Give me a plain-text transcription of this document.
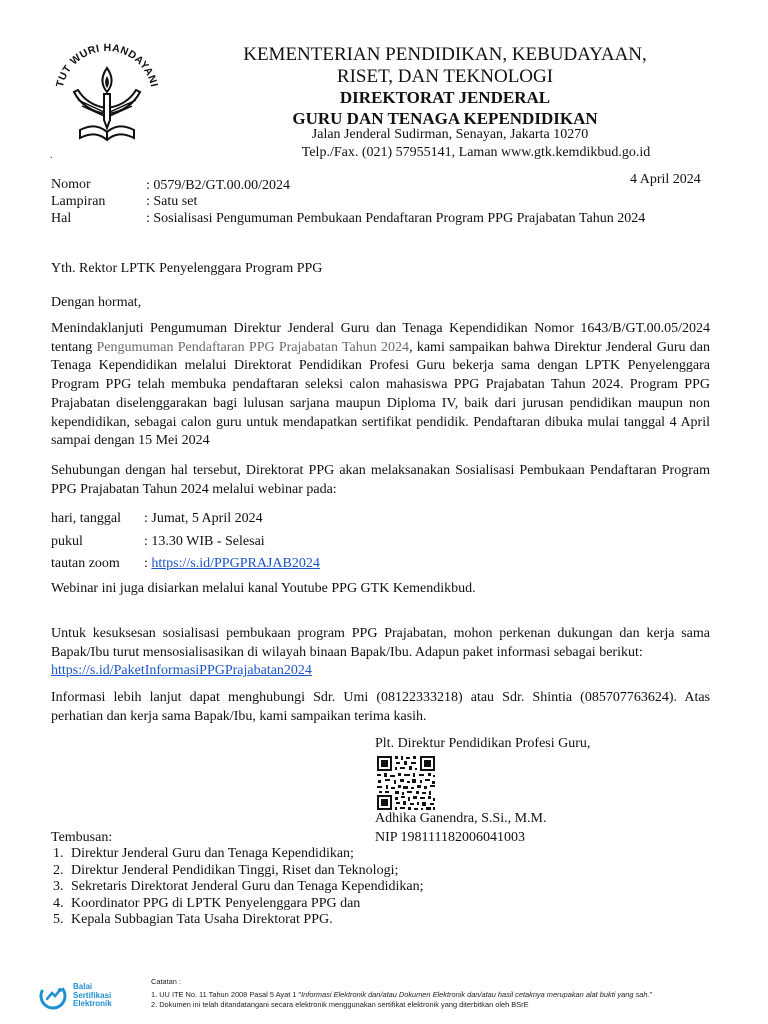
TUT WURI HANDAYANI
KEMENTERIAN PENDIDIKAN, KEBUDAYAAN,
RISET, DAN TEKNOLOGI
DIREKTORAT JENDERAL
GURU DAN TENAGA KEPENDIDIKAN
Jalan Jenderal Sudirman, Senayan, Jakarta 10270
Telp./Fax. (021) 57955141, Laman www.gtk.kemdikbud.go.id
.
4 April 2024
Nomor	: 0579/B2/GT.00.00/2024
Lampiran	: Satu set
Hal	: Sosialisasi Pengumuman Pembukaan Pendaftaran Program PPG Prajabatan Tahun 2024
Yth. Rektor LPTK Penyelenggara Program PPG
Dengan hormat,
Menindaklanjuti Pengumuman Direktur Jenderal Guru dan Tenaga Kependidikan Nomor 1643/B/GT.00.05/2024 tentang Pengumuman Pendaftaran PPG Prajabatan Tahun 2024, kami sampaikan bahwa Direktur Jenderal Guru dan Tenaga Kependidikan melalui Direktorat Pendidikan Profesi Guru bekerja sama dengan LPTK Penyelenggara Program PPG telah membuka pendaftaran seleksi calon mahasiswa PPG Prajabatan Tahun 2024. Program PPG Prajabatan diselenggarakan bagi lulusan sarjana maupun Diploma IV, baik dari jurusan pendidikan maupun non kependidikan, sebagai calon guru untuk mendapatkan sertifikat pendidik. Pendaftaran dibuka mulai tanggal 4 April sampai dengan 15 Mei 2024
Sehubungan dengan hal tersebut, Direktorat PPG akan melaksanakan Sosialisasi Pembukaan Pendaftaran Program PPG Prajabatan Tahun 2024 melalui webinar pada:
hari, tanggal	: Jumat, 5 April 2024
pukul	: 13.30 WIB - Selesai
tautan zoom	: https://s.id/PPGPRAJAB2024
Webinar ini juga disiarkan melalui kanal Youtube PPG GTK Kemendikbud.
Untuk kesuksesan sosialisasi pembukaan program PPG Prajabatan, mohon perkenan dukungan dan kerja sama Bapak/Ibu turut mensosialisasikan di wilayah binaan Bapak/Ibu. Adapun paket informasi sebagai berikut:
https://s.id/PaketInformasiPPGPrajabatan2024
Informasi lebih lanjut dapat menghubungi Sdr. Umi (08122333218) atau Sdr. Shintia (085707763624). Atas perhatian dan kerja sama Bapak/Ibu, kami sampaikan terima kasih.
Plt. Direktur Pendidikan Profesi Guru,
Adhika Ganendra, S.Si., M.M.
NIP 198111182006041003
Tembusan:
1. Direktur Jenderal Guru dan Tenaga Kependidikan;
2. Direktur Jenderal Pendidikan Tinggi, Riset dan Teknologi;
3. Sekretaris Direktorat Jenderal Guru dan Tenaga Kependidikan;
4. Koordinator PPG di LPTK Penyelenggara PPG dan
5. Kepala Subbagian Tata Usaha Direktorat PPG.
Balai
Sertifikasi
Elektronik
Catatan :
1. UU ITE No. 11 Tahun 2008 Pasal 5 Ayat 1 "Informasi Elektronik dan/atau Dokumen Elektronik dan/atau hasil cetaknya merupakan alat bukti yang sah."
2. Dokumen ini telah ditandatangani secara elektronik menggunakan sertifikat elektronik yang diterbitkan oleh BSrE
